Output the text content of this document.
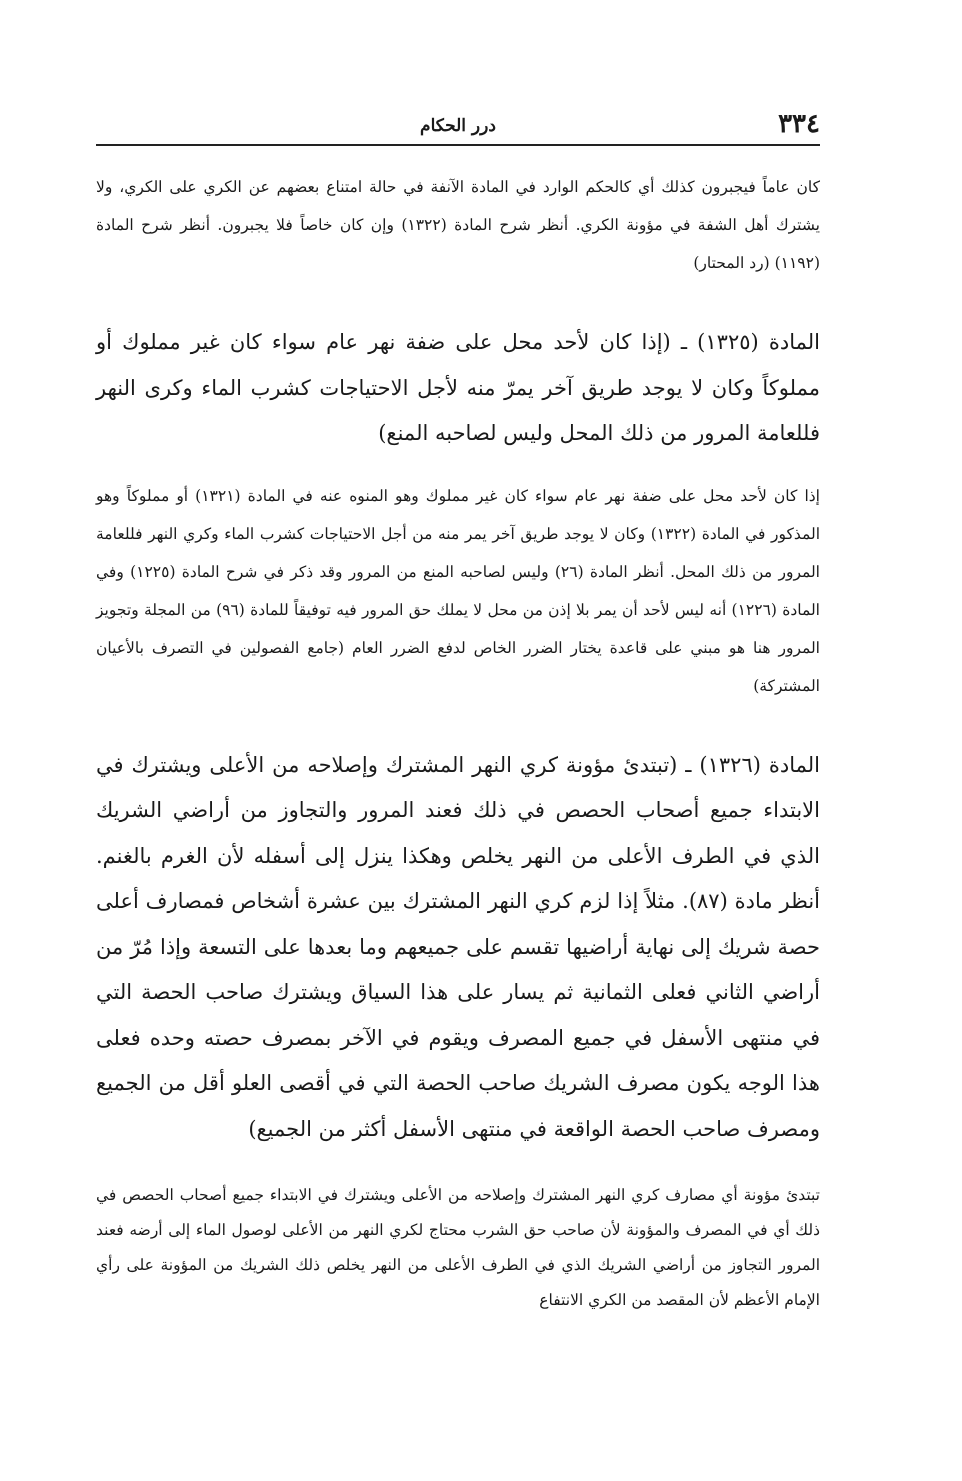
٣٣٤
درر الحكام

كان عاماً فيجبرون كذلك أي كالحكم الوارد في المادة الآنفة في حالة امتناع بعضهم عن الكري على الكري، ولا يشترك أهل الشفة في مؤونة الكري. أنظر شرح المادة (١٣٢٢) وإن كان خاصاً فلا يجبرون. أنظر شرح المادة (١١٩٢) (رد المحتار)

المادة (١٣٢٥) ـ (إذا كان لأحد محل على ضفة نهر عام سواء كان غير مملوك أو مملوكاً وكان لا يوجد طريق آخر يمرّ منه لأجل الاحتياجات كشرب الماء وكرى النهر فللعامة المرور من ذلك المحل وليس لصاحبه المنع)

إذا كان لأحد محل على ضفة نهر عام سواء كان غير مملوك وهو المنوه عنه في المادة (١٣٢١) أو مملوكاً وهو المذكور في المادة (١٣٢٢) وكان لا يوجد طريق آخر يمر منه من أجل الاحتياجات كشرب الماء وكري النهر فللعامة المرور من ذلك المحل. أنظر المادة (٢٦) وليس لصاحبه المنع من المرور وقد ذكر في شرح المادة (١٢٢٥) وفي المادة (١٢٢٦) أنه ليس لأحد أن يمر بلا إذن من محل لا يملك حق المرور فيه توفيقاً للمادة (٩٦) من المجلة وتجويز المرور هنا هو مبني على قاعدة يختار الضرر الخاص لدفع الضرر العام (جامع الفصولين في التصرف بالأعيان المشتركة)

المادة (١٣٢٦) ـ (تبتدئ مؤونة كري النهر المشترك وإصلاحه من الأعلى ويشترك في الابتداء جميع أصحاب الحصص في ذلك فعند المرور والتجاوز من أراضي الشريك الذي في الطرف الأعلى من النهر يخلص وهكذا ينزل إلى أسفله لأن الغرم بالغنم. أنظر مادة (٨٧). مثلاً إذا لزم كري النهر المشترك بين عشرة أشخاص فمصارف أعلى حصة شريك إلى نهاية أراضيها تقسم على جميعهم وما بعدها على التسعة وإذا مُرّ من أراضي الثاني فعلى الثمانية ثم يسار على هذا السياق ويشترك صاحب الحصة التي في منتهى الأسفل في جميع المصرف ويقوم في الآخر بمصرف حصته وحده فعلى هذا الوجه يكون مصرف الشريك صاحب الحصة التي في أقصى العلو أقل من الجميع ومصرف صاحب الحصة الواقعة في منتهى الأسفل أكثر من الجميع)

تبتدئ مؤونة أي مصارف كري النهر المشترك وإصلاحه من الأعلى ويشترك في الابتداء جميع أصحاب الحصص في ذلك أي في المصرف والمؤونة لأن صاحب حق الشرب محتاج لكري النهر من الأعلى لوصول الماء إلى أرضه فعند المرور التجاوز من أراضي الشريك الذي في الطرف الأعلى من النهر يخلص ذلك الشريك من المؤونة على رأي الإمام الأعظم لأن المقصد من الكري الانتفاع
